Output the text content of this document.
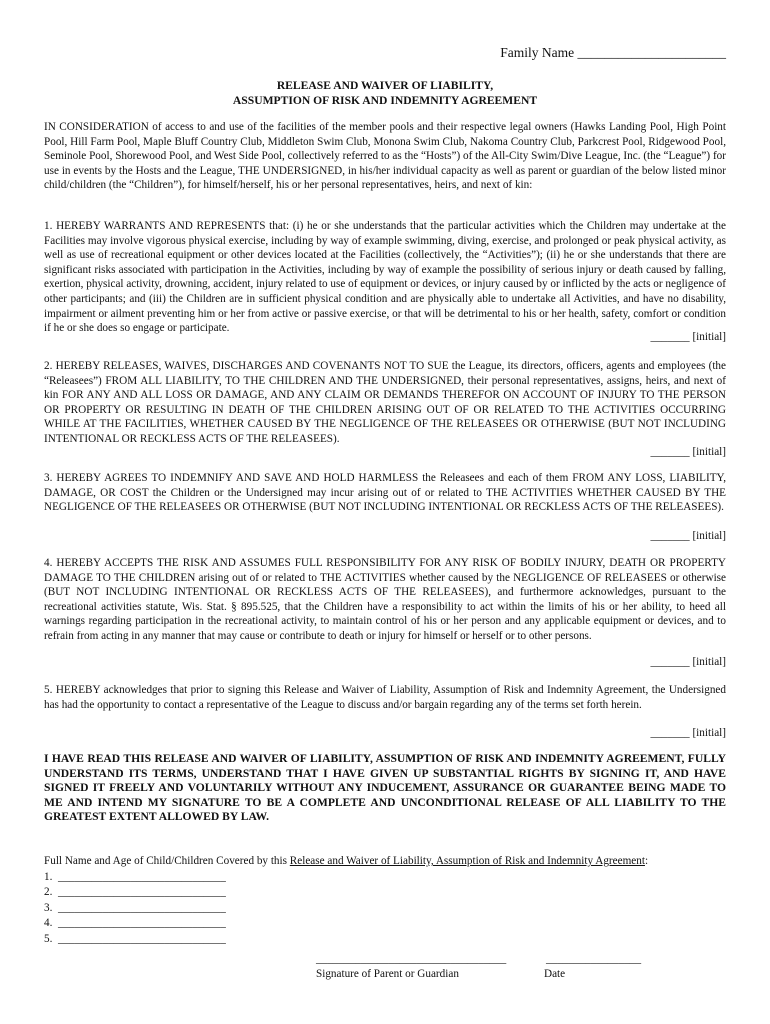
Family Name ______________________
RELEASE AND WAIVER OF LIABILITY,
ASSUMPTION OF RISK AND INDEMNITY AGREEMENT
IN CONSIDERATION of access to and use of the facilities of the member pools and their respective legal owners (Hawks Landing Pool, High Point Pool, Hill Farm Pool, Maple Bluff Country Club, Middleton Swim Club, Monona Swim Club, Nakoma Country Club, Parkcrest Pool, Ridgewood Pool, Seminole Pool, Shorewood Pool, and West Side Pool, collectively referred to as the “Hosts”) of the All-City Swim/Dive League, Inc. (the “League”) for use in events by the Hosts and the League, THE UNDERSIGNED, in his/her individual capacity as well as parent or guardian of the below listed minor child/children (the “Children”), for himself/herself, his or her personal representatives, heirs, and next of kin:
1. HEREBY WARRANTS AND REPRESENTS that: (i) he or she understands that the particular activities which the Children may undertake at the Facilities may involve vigorous physical exercise, including by way of example swimming, diving, exercise, and prolonged or peak physical activity, as well as use of recreational equipment or other devices located at the Facilities (collectively, the “Activities”); (ii) he or she understands that there are significant risks associated with participation in the Activities, including by way of example the possibility of serious injury or death caused by falling, exertion, physical activity, drowning, accident, injury related to use of equipment or devices, or injury caused by or inflicted by the acts or negligence of other participants; and (iii) the Children are in sufficient physical condition and are physically able to undertake all Activities, and have no disability, impairment or ailment preventing him or her from active or passive exercise, or that will be detrimental to his or her health, safety, comfort or condition if he or she does so engage or participate.
_______ [initial]
2. HEREBY RELEASES, WAIVES, DISCHARGES AND COVENANTS NOT TO SUE the League, its directors, officers, agents and employees (the “Releasees”) FROM ALL LIABILITY, TO THE CHILDREN AND THE UNDERSIGNED, their personal representatives, assigns, heirs, and next of kin FOR ANY AND ALL LOSS OR DAMAGE, AND ANY CLAIM OR DEMANDS THEREFOR ON ACCOUNT OF INJURY TO THE PERSON OR PROPERTY OR RESULTING IN DEATH OF THE CHILDREN ARISING OUT OF OR RELATED TO THE ACTIVITIES OCCURRING WHILE AT THE FACILITIES, WHETHER CAUSED BY THE NEGLIGENCE OF THE RELEASEES OR OTHERWISE (BUT NOT INCLUDING INTENTIONAL OR RECKLESS ACTS OF THE RELEASEES).
_______ [initial]
3. HEREBY AGREES TO INDEMNIFY AND SAVE AND HOLD HARMLESS the Releasees and each of them FROM ANY LOSS, LIABILITY, DAMAGE, OR COST the Children or the Undersigned may incur arising out of or related to THE ACTIVITIES WHETHER CAUSED BY THE NEGLIGENCE OF THE RELEASEES OR OTHERWISE (BUT NOT INCLUDING INTENTIONAL OR RECKLESS ACTS OF THE RELEASEES).
_______ [initial]
4. HEREBY ACCEPTS THE RISK AND ASSUMES FULL RESPONSIBILITY FOR ANY RISK OF BODILY INJURY, DEATH OR PROPERTY DAMAGE TO THE CHILDREN arising out of or related to THE ACTIVITIES whether caused by the NEGLIGENCE OF RELEASEES or otherwise (BUT NOT INCLUDING INTENTIONAL OR RECKLESS ACTS OF THE RELEASEES), and furthermore acknowledges, pursuant to the recreational activities statute, Wis. Stat. § 895.525, that the Children have a responsibility to act within the limits of his or her ability, to heed all warnings regarding participation in the recreational activity, to maintain control of his or her person and any applicable equipment or devices, and to refrain from acting in any manner that may cause or contribute to death or injury for himself or herself or to other persons.
_______ [initial]
5. HEREBY acknowledges that prior to signing this Release and Waiver of Liability, Assumption of Risk and Indemnity Agreement, the Undersigned has had the opportunity to contact a representative of the League to discuss and/or bargain regarding any of the terms set forth herein.
_______ [initial]
I HAVE READ THIS RELEASE AND WAIVER OF LIABILITY, ASSUMPTION OF RISK AND INDEMNITY AGREEMENT, FULLY UNDERSTAND ITS TERMS, UNDERSTAND THAT I HAVE GIVEN UP SUBSTANTIAL RIGHTS BY SIGNING IT, AND HAVE SIGNED IT FREELY AND VOLUNTARILY WITHOUT ANY INDUCEMENT, ASSURANCE OR GUARANTEE BEING MADE TO ME AND INTEND MY SIGNATURE TO BE A COMPLETE AND UNCONDITIONAL RELEASE OF ALL LIABILITY TO THE GREATEST EXTENT ALLOWED BY LAW.
Full Name and Age of Child/Children Covered by this Release and Waiver of Liability, Assumption of Risk and Indemnity Agreement:
1.  ______________________________
2.  ______________________________
3.  ______________________________
4.  ______________________________
5.  ______________________________
__________________________________	_________________
Signature of Parent or Guardian	Date
